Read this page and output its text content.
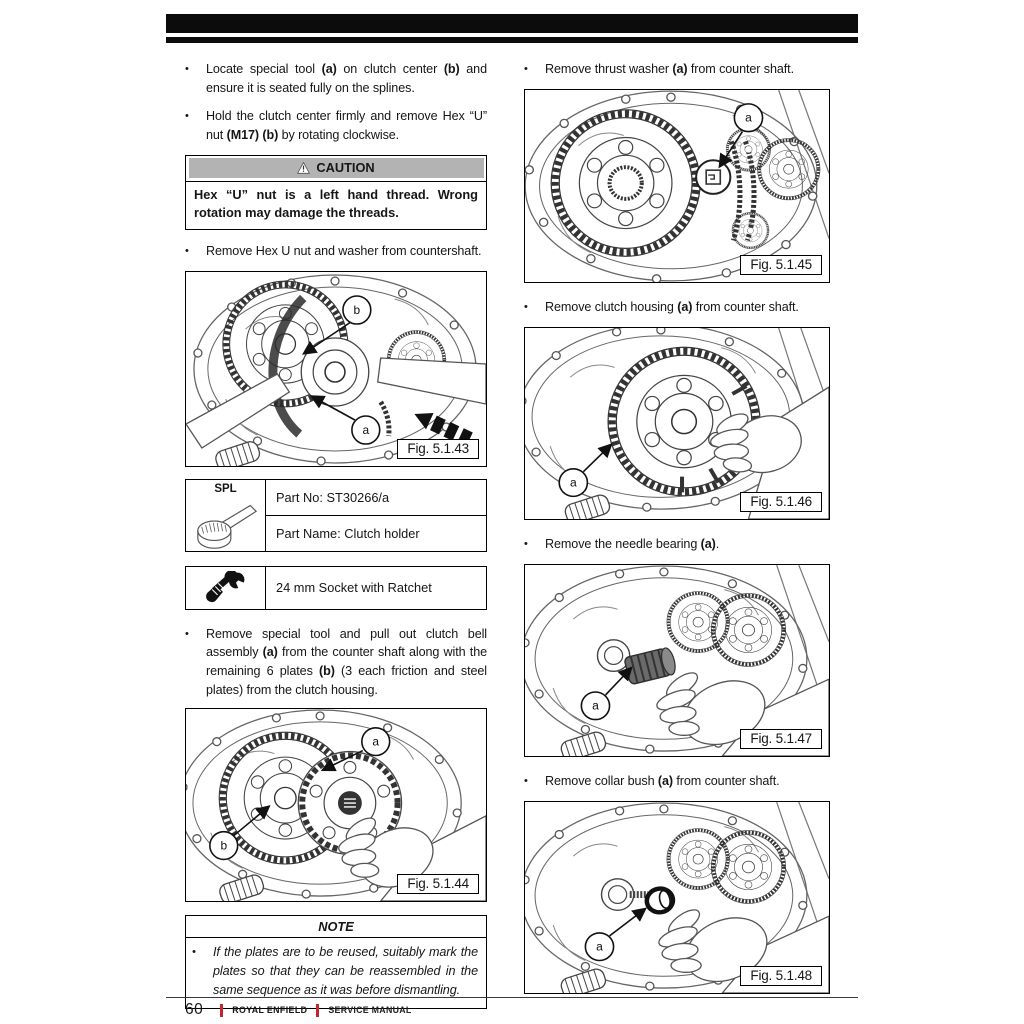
• Locate special tool (a) on clutch center (b) and ensure it is seated fully on the splines.
• Hold the clutch center firmly and remove Hex “U” nut (M17) (b) by rotating clockwise.
CAUTION
Hex “U” nut is a left hand thread. Wrong rotation may damage the threads.
• Remove Hex U nut and washer from countershaft.
b
a
Fig. 5.1.43
SPL
Part No: ST30266/a
Part Name: Clutch holder
24 mm Socket with Ratchet
• Remove special tool and pull out clutch bell assembly (a) from the counter shaft along with the remaining 6 plates (b) (3 each friction and steel plates) from the clutch housing.
a
b
Fig. 5.1.44
NOTE
• If the plates are to be reused, suitably mark the plates so that they can be reassembled in the same sequence as it was before dismantling.
• Remove thrust washer (a) from counter shaft.
a
Fig. 5.1.45
• Remove clutch housing (a) from counter shaft.
a
Fig. 5.1.46
• Remove the needle bearing (a).
a
Fig. 5.1.47
• Remove collar bush (a) from counter shaft.
a
Fig. 5.1.48
60	ROYAL ENFIELD SERVICE MANUAL
